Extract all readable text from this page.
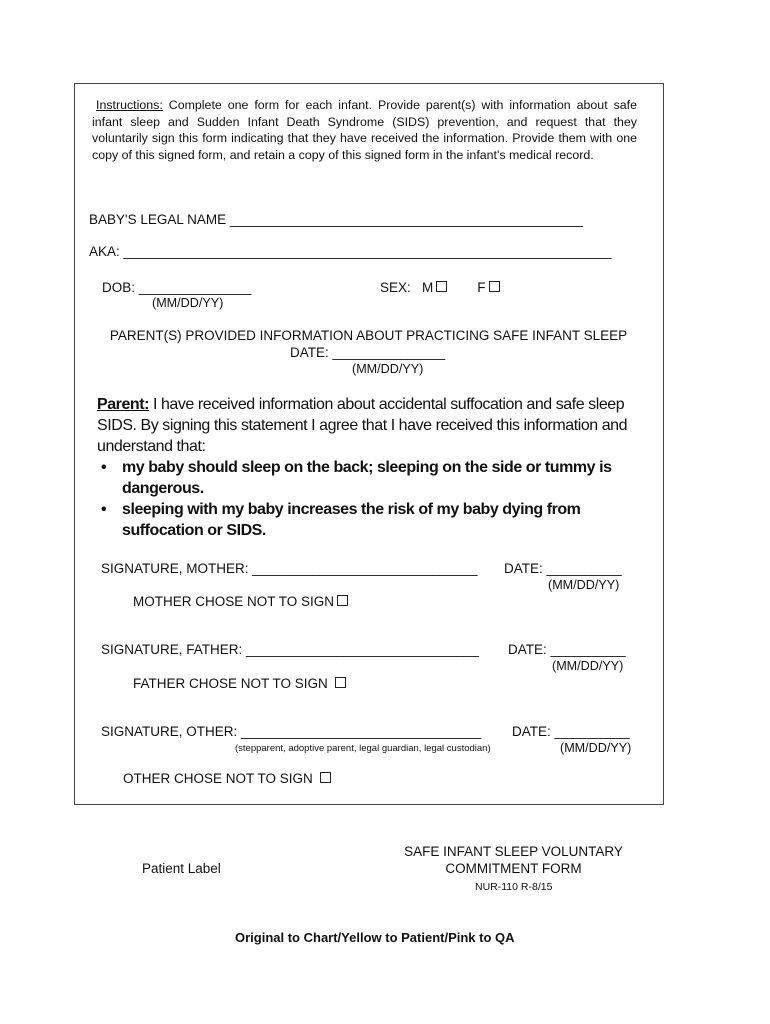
Instructions: Complete one form for each infant. Provide parent(s) with information about safe infant sleep and Sudden Infant Death Syndrome (SIDS) prevention, and request that they voluntarily sign this form indicating that they have received the information. Provide them with one copy of this signed form, and retain a copy of this signed form in the infant's medical record.
BABY'S LEGAL NAME _______________________________________________
AKA: _________________________________________________________________
DOB: _______________
(MM/DD/YY)
SEX: M	F
PARENT(S) PROVIDED INFORMATION ABOUT PRACTICING SAFE INFANT SLEEP
DATE: _______________
(MM/DD/YY)
Parent: I have received information about accidental suffocation and safe sleep SIDS. By signing this statement I agree that I have received this information and understand that:
• my baby should sleep on the back; sleeping on the side or tummy is dangerous.
• sleeping with my baby increases the risk of my baby dying from suffocation or SIDS.
SIGNATURE, MOTHER: ______________________________ DATE: __________
(MM/DD/YY)
MOTHER CHOSE NOT TO SIGN
SIGNATURE, FATHER: _______________________________ DATE: __________
(MM/DD/YY)
FATHER CHOSE NOT TO SIGN
SIGNATURE, OTHER: ________________________________ DATE: __________
(stepparent, adoptive parent, legal guardian, legal custodian)	(MM/DD/YY)
OTHER CHOSE NOT TO SIGN
Patient Label
SAFE INFANT SLEEP VOLUNTARY
COMMITMENT FORM
NUR-110 R-8/15
Original to Chart/Yellow to Patient/Pink to QA
